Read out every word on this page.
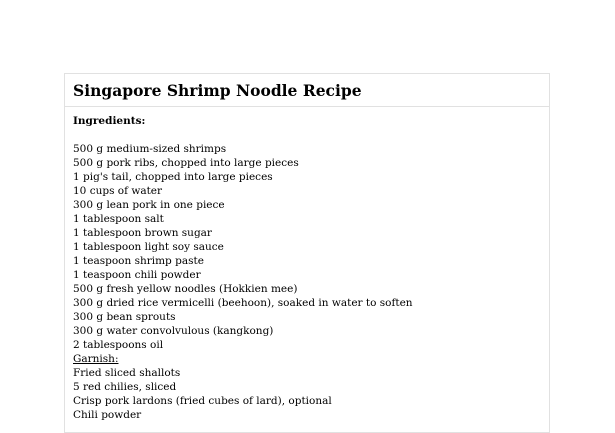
Singapore Shrimp Noodle Recipe
Ingredients:
500 g medium-sized shrimps
500 g pork ribs, chopped into large pieces
1 pig's tail, chopped into large pieces
10 cups of water
300 g lean pork in one piece
1 tablespoon salt
1 tablespoon brown sugar
1 tablespoon light soy sauce
1 teaspoon shrimp paste
1 teaspoon chili powder
500 g fresh yellow noodles (Hokkien mee)
300 g dried rice vermicelli (beehoon), soaked in water to soften
300 g bean sprouts
300 g water convolvulous (kangkong)
2 tablespoons oil
Garnish:
Fried sliced shallots
5 red chilies, sliced
Crisp pork lardons (fried cubes of lard), optional
Chili powder
